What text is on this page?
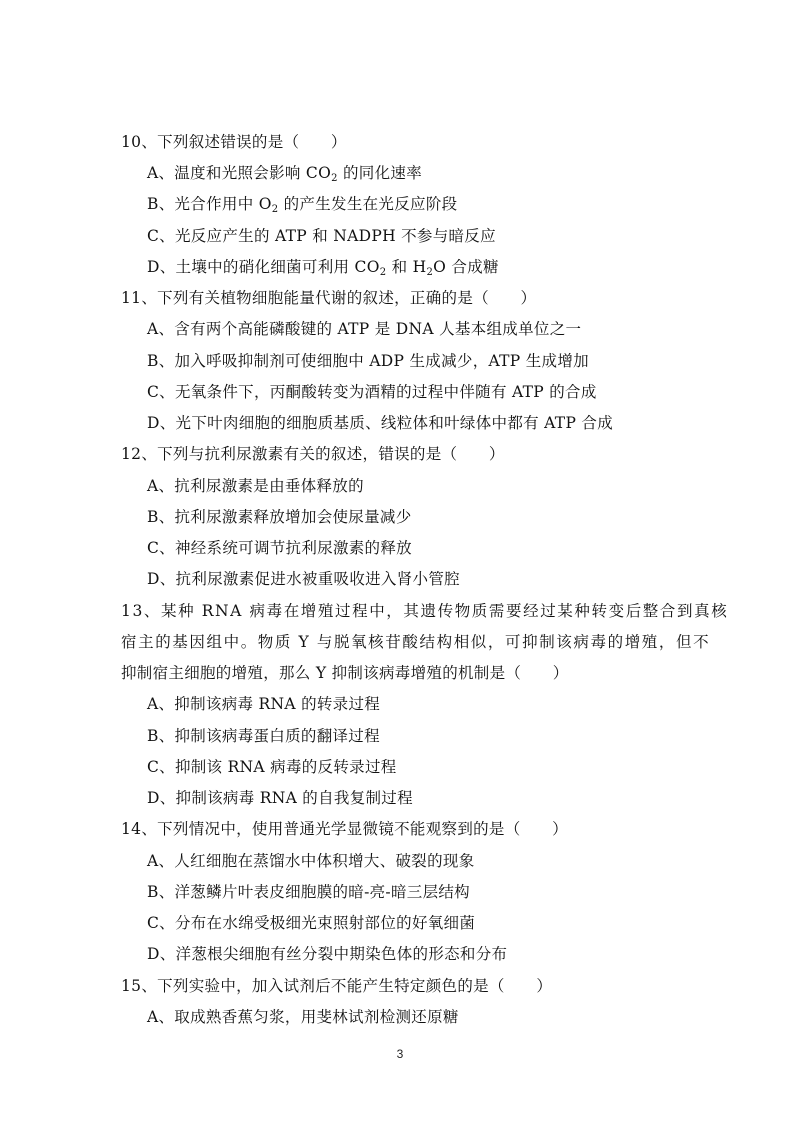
10、下列叙述错误的是（　　）
A、温度和光照会影响 $CO_2$ 的同化速率
B、光合作用中 $O_2$ 的产生发生在光反应阶段
C、光反应产生的 ATP 和 NADPH 不参与暗反应
D、土壤中的硝化细菌可利用 $CO_2$ 和 $H_2O$ 合成糖
11、下列有关植物细胞能量代谢的叙述，正确的是（　　）
A、含有两个高能磷酸键的 ATP 是 DNA 人基本组成单位之一
B、加入呼吸抑制剂可使细胞中 ADP 生成减少，ATP 生成增加
C、无氧条件下，丙酮酸转变为酒精的过程中伴随有 ATP 的合成
D、光下叶肉细胞的细胞质基质、线粒体和叶绿体中都有 ATP 合成
12、下列与抗利尿激素有关的叙述，错误的是（　　）
A、抗利尿激素是由垂体释放的
B、抗利尿激素释放增加会使尿量减少
C、神经系统可调节抗利尿激素的释放
D、抗利尿激素促进水被重吸收进入肾小管腔
13、某种 RNA 病毒在增殖过程中，其遗传物质需要经过某种转变后整合到真核
宿主的基因组中。物质 Y 与脱氧核苷酸结构相似，可抑制该病毒的增殖，但不
抑制宿主细胞的增殖，那么 Y 抑制该病毒增殖的机制是（　　）
A、抑制该病毒 RNA 的转录过程
B、抑制该病毒蛋白质的翻译过程
C、抑制该 RNA 病毒的反转录过程
D、抑制该病毒 RNA 的自我复制过程
14、下列情况中，使用普通光学显微镜不能观察到的是（　　）
A、人红细胞在蒸馏水中体积增大、破裂的现象
B、洋葱鳞片叶表皮细胞膜的暗-亮-暗三层结构
C、分布在水绵受极细光束照射部位的好氧细菌
D、洋葱根尖细胞有丝分裂中期染色体的形态和分布
15、下列实验中，加入试剂后不能产生特定颜色的是（　　）
A、取成熟香蕉匀浆，用斐林试剂检测还原糖
3
